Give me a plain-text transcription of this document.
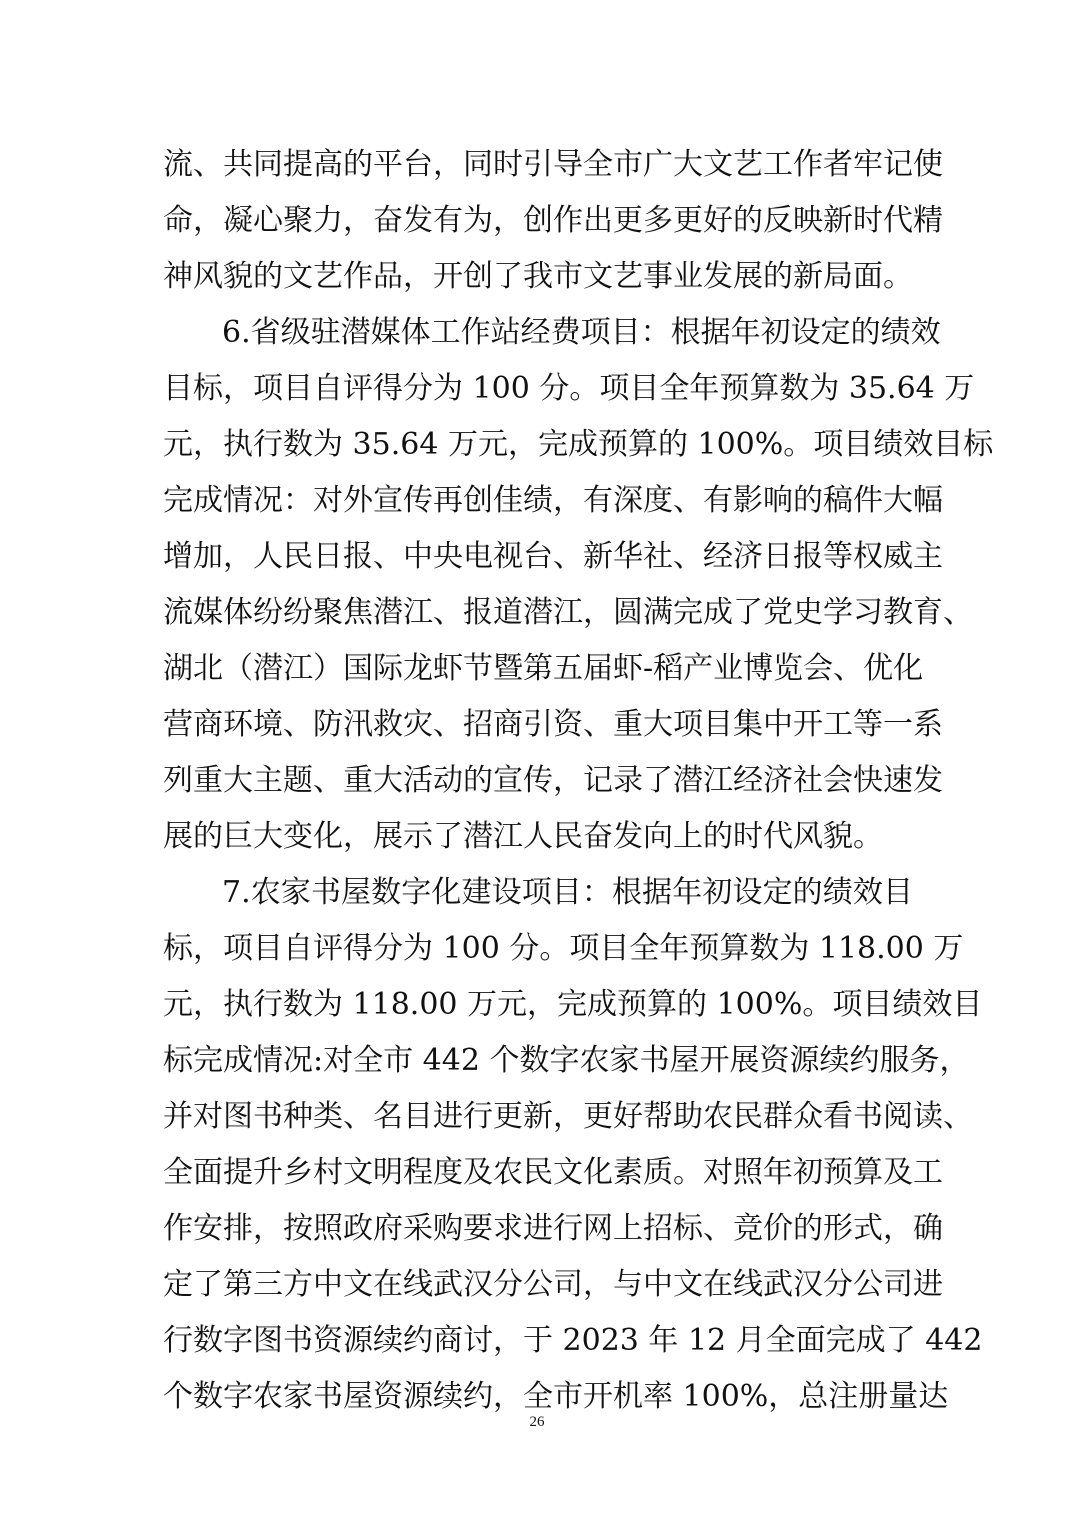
流、共同提高的平台，同时引导全市广大文艺工作者牢记使
命，凝心聚力，奋发有为，创作出更多更好的反映新时代精
神风貌的文艺作品，开创了我市文艺事业发展的新局面。
6.省级驻潜媒体工作站经费项目：根据年初设定的绩效
目标，项目自评得分为 100 分。项目全年预算数为 35.64 万
元，执行数为 35.64 万元，完成预算的 100%。项目绩效目标
完成情况：对外宣传再创佳绩，有深度、有影响的稿件大幅
增加，人民日报、中央电视台、新华社、经济日报等权威主
流媒体纷纷聚焦潜江、报道潜江，圆满完成了党史学习教育、
湖北（潜江）国际龙虾节暨第五届虾-稻产业博览会、优化
营商环境、防汛救灾、招商引资、重大项目集中开工等一系
列重大主题、重大活动的宣传，记录了潜江经济社会快速发
展的巨大变化，展示了潜江人民奋发向上的时代风貌。
7.农家书屋数字化建设项目：根据年初设定的绩效目
标，项目自评得分为 100 分。项目全年预算数为 118.00 万
元，执行数为 118.00 万元，完成预算的 100%。项目绩效目
标完成情况:对全市 442 个数字农家书屋开展资源续约服务，
并对图书种类、名目进行更新，更好帮助农民群众看书阅读、
全面提升乡村文明程度及农民文化素质。对照年初预算及工
作安排，按照政府采购要求进行网上招标、竞价的形式，确
定了第三方中文在线武汉分公司，与中文在线武汉分公司进
行数字图书资源续约商讨，于 2023 年 12 月全面完成了 442
个数字农家书屋资源续约，全市开机率 100%，总注册量达
26
